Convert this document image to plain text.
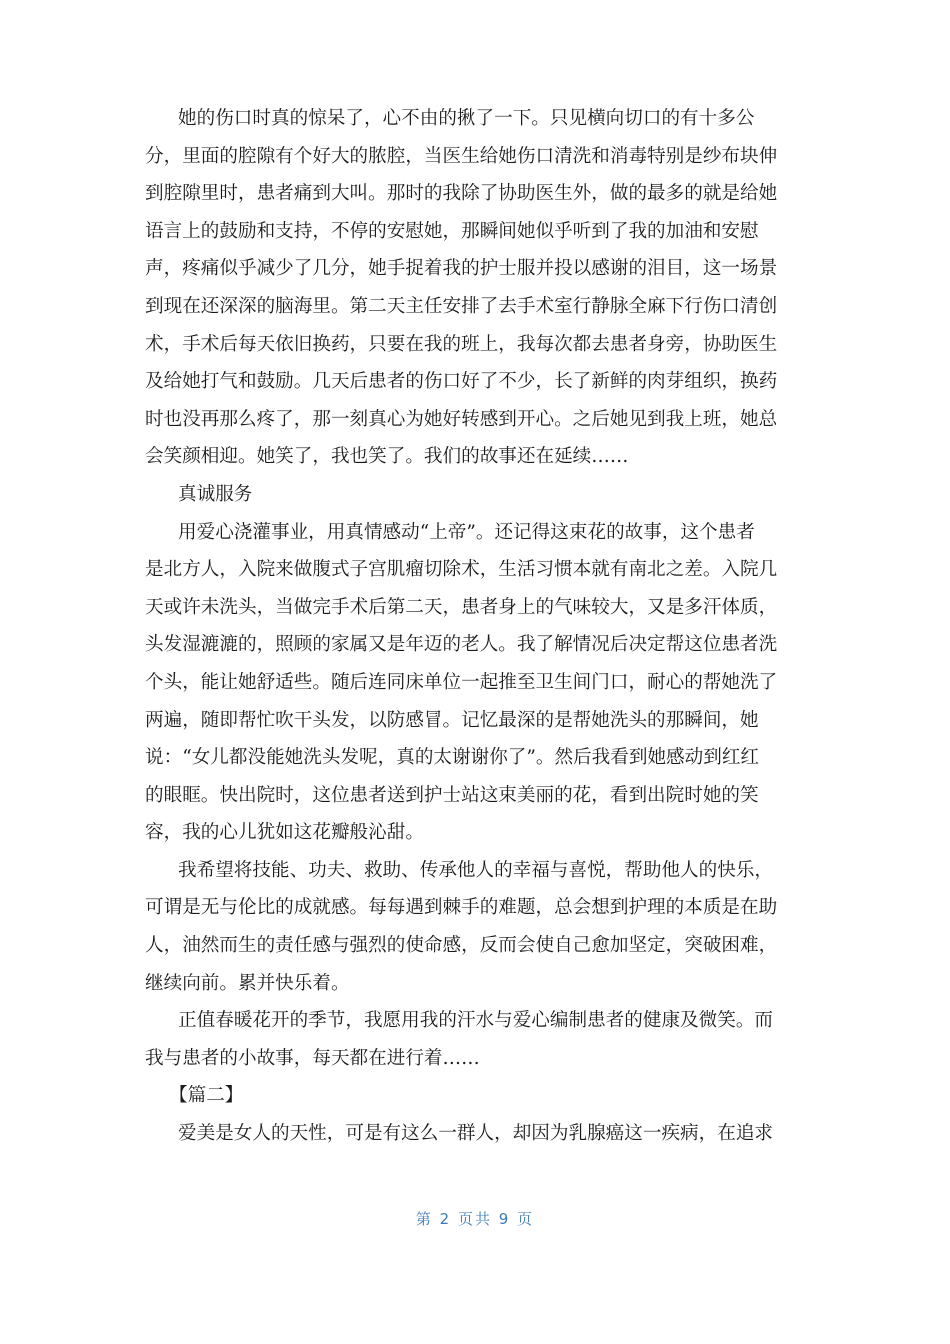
她的伤口时真的惊呆了，心不由的揪了一下。只见横向切口的有十多公
分，里面的腔隙有个好大的脓腔，当医生给她伤口清洗和消毒特别是纱布块伸
到腔隙里时，患者痛到大叫。那时的我除了协助医生外，做的最多的就是给她
语言上的鼓励和支持，不停的安慰她，那瞬间她似乎听到了我的加油和安慰
声，疼痛似乎减少了几分，她手捉着我的护士服并投以感谢的泪目，这一场景
到现在还深深的脑海里。第二天主任安排了去手术室行静脉全麻下行伤口清创
术，手术后每天依旧换药，只要在我的班上，我每次都去患者身旁，协助医生
及给她打气和鼓励。几天后患者的伤口好了不少，长了新鲜的肉芽组织，换药
时也没再那么疼了，那一刻真心为她好转感到开心。之后她见到我上班，她总
会笑颜相迎。她笑了，我也笑了。我们的故事还在延续……
真诚服务
用爱心浇灌事业，用真情感动“上帝”。还记得这束花的故事，这个患者
是北方人，入院来做腹式子宫肌瘤切除术，生活习惯本就有南北之差。入院几
天或许未洗头，当做完手术后第二天，患者身上的气味较大，又是多汗体质，
头发湿漉漉的，照顾的家属又是年迈的老人。我了解情况后决定帮这位患者洗
个头，能让她舒适些。随后连同床单位一起推至卫生间门口，耐心的帮她洗了
两遍，随即帮忙吹干头发，以防感冒。记忆最深的是帮她洗头的那瞬间，她
说：“女儿都没能她洗头发呢，真的太谢谢你了”。然后我看到她感动到红红
的眼眶。快出院时，这位患者送到护士站这束美丽的花，看到出院时她的笑
容，我的心儿犹如这花瓣般沁甜。
我希望将技能、功夫、救助、传承他人的幸福与喜悦，帮助他人的快乐，
可谓是无与伦比的成就感。每每遇到棘手的难题，总会想到护理的本质是在助
人，油然而生的责任感与强烈的使命感，反而会使自己愈加坚定，突破困难，
继续向前。累并快乐着。
正值春暖花开的季节，我愿用我的汗水与爱心编制患者的健康及微笑。而
我与患者的小故事，每天都在进行着……
【篇二】
爱美是女人的天性，可是有这么一群人，却因为乳腺癌这一疾病，在追求
第 2 页共 9 页
